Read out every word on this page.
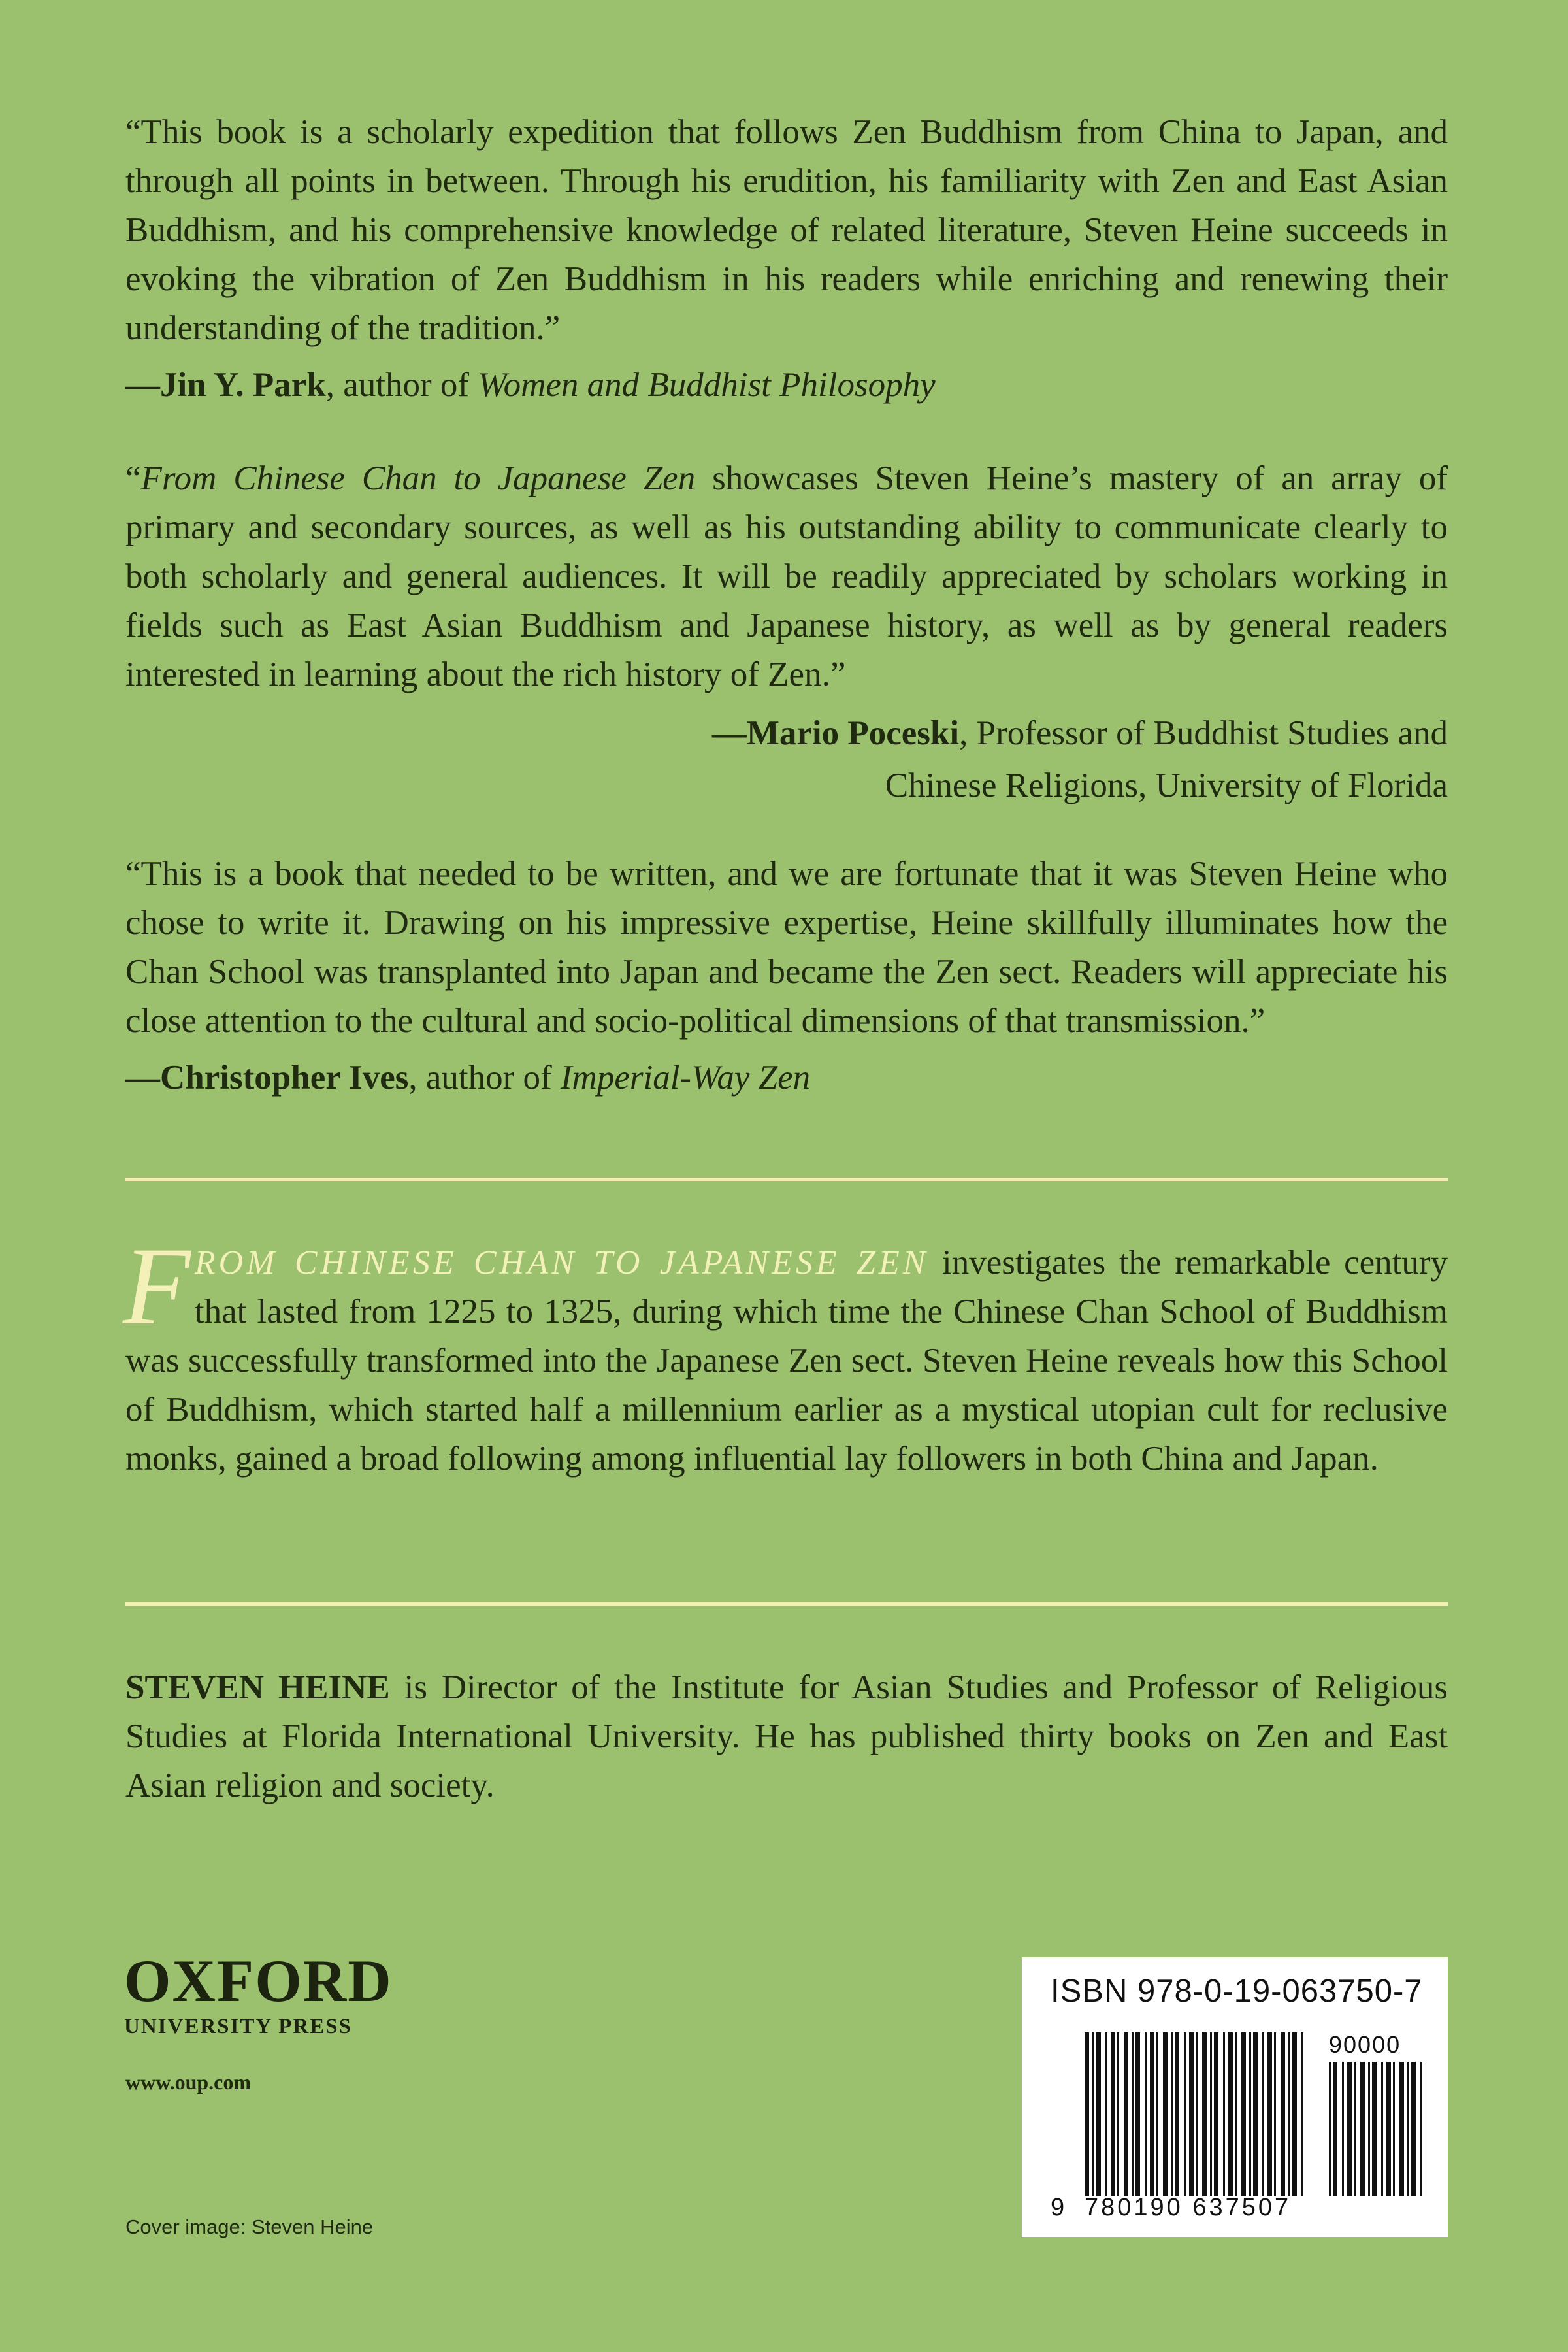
“This book is a scholarly expedition that follows Zen Buddhism from China to Japan, and through all points in between. Through his erudition, his familiarity with Zen and East Asian Buddhism, and his comprehensive knowledge of related literature, Steven Heine succeeds in evoking the vibration of Zen Buddhism in his readers while enriching and renewing their understanding of the tradition.”

—Jin Y. Park, author of Women and Buddhist Philosophy

“From Chinese Chan to Japanese Zen showcases Steven Heine’s mastery of an array of primary and secondary sources, as well as his outstanding ability to communicate clearly to both scholarly and general audiences. It will be readily appreciated by scholars working in fields such as East Asian Buddhism and Japanese history, as well as by general readers interested in learning about the rich history of Zen.”

—Mario Poceski, Professor of Buddhist Studies and
Chinese Religions, University of Florida

“This is a book that needed to be written, and we are fortunate that it was Steven Heine who chose to write it. Drawing on his impressive expertise, Heine skillfully illuminates how the Chan School was transplanted into Japan and became the Zen sect. Readers will appreciate his close attention to the cultural and socio-political dimensions of that transmission.”

—Christopher Ives, author of Imperial-Way Zen

FROM CHINESE CHAN TO JAPANESE ZEN investigates the remarkable century that lasted from 1225 to 1325, during which time the Chinese Chan School of Buddhism was successfully transformed into the Japanese Zen sect. Steven Heine reveals how this School of Buddhism, which started half a millennium earlier as a mystical utopian cult for reclusive monks, gained a broad following among influential lay followers in both China and Japan.
STEVEN HEINE is Director of the Institute for Asian Studies and Professor of Religious Studies at Florida International University. He has published thirty books on Zen and East Asian religion and society.
OXFORD
UNIVERSITY PRESS
www.oup.com
Cover image: Steven Heine
ISBN 978-0-19-063750-7
90000
9 780190 637507
